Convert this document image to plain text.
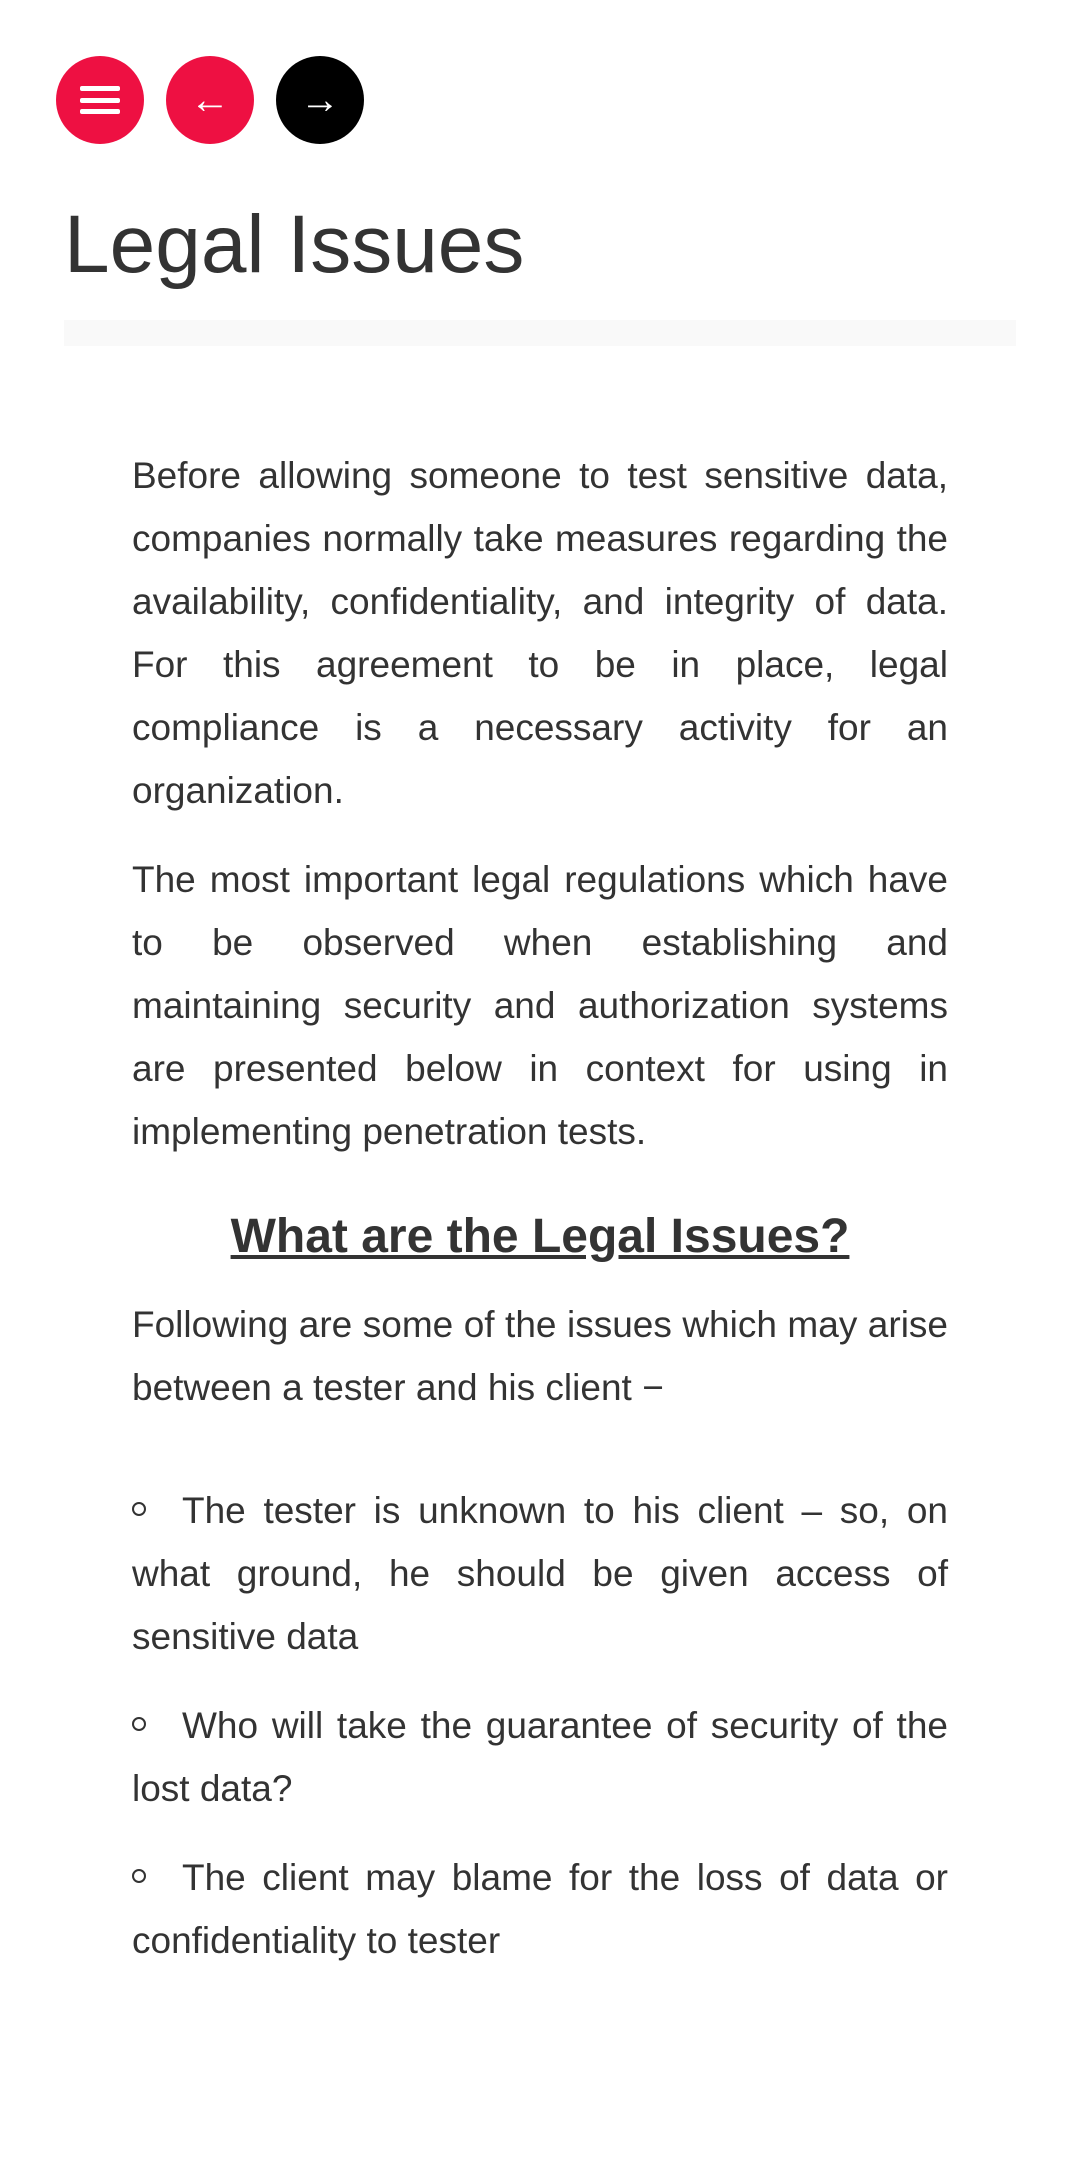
← →
Legal Issues

Before allowing someone to test sensitive data, companies normally take measures regarding the availability, confidentiality, and integrity of data. For this agreement to be in place, legal compliance is a necessary activity for an organization.

The most important legal regulations which have to be observed when establishing and maintaining security and authorization systems are presented below in context for using in implementing penetration tests.

What are the Legal Issues?

Following are some of the issues which may arise between a tester and his client −

The tester is unknown to his client – so, on what ground, he should be given access of sensitive data
Who will take the guarantee of security of the lost data?
The client may blame for the loss of data or confidentiality to tester
